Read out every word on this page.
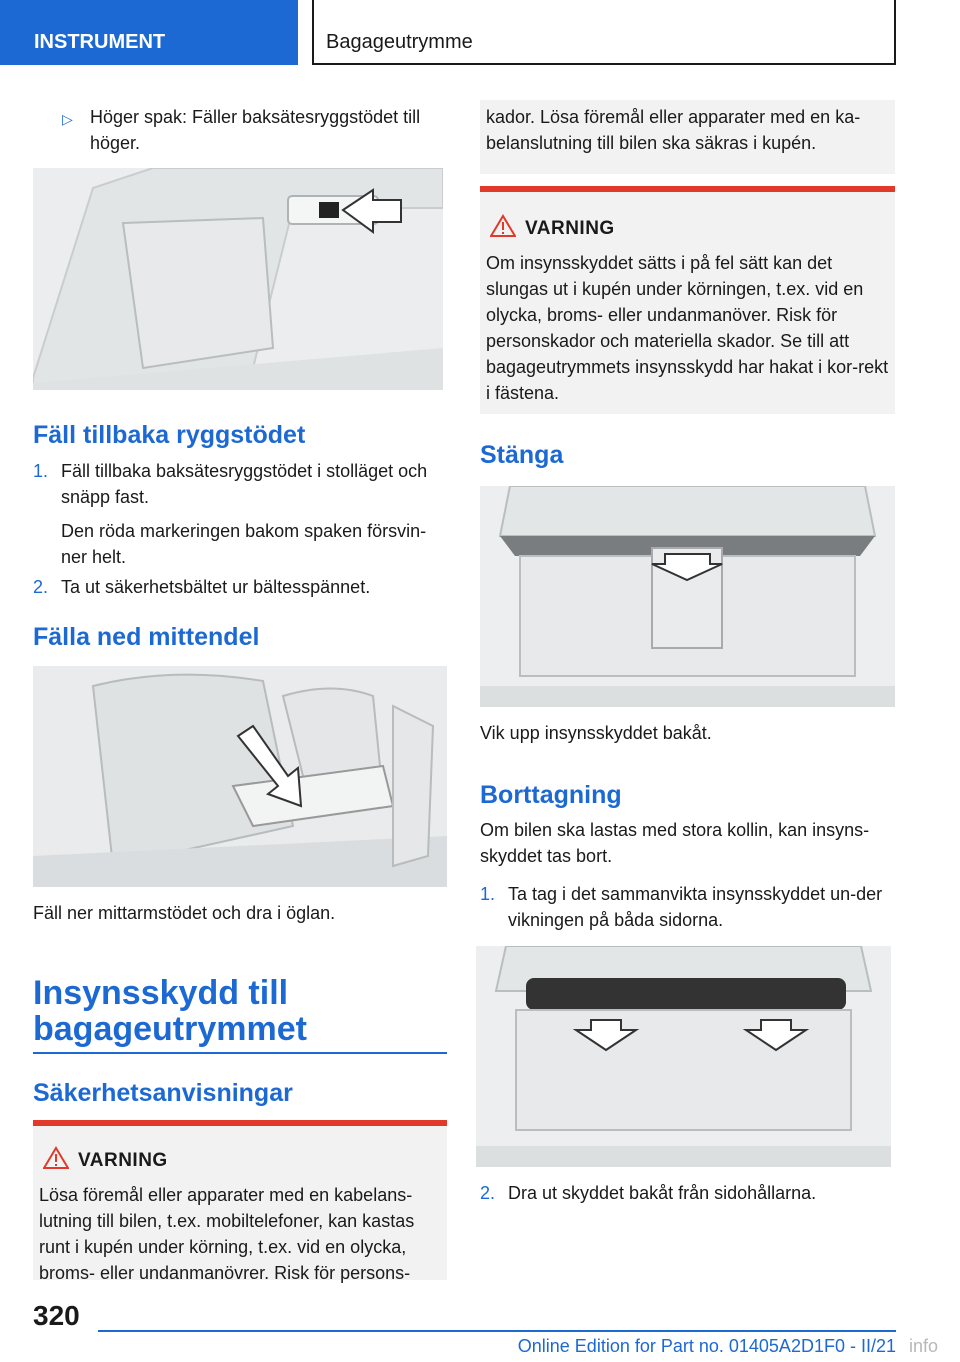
INSTRUMENT	Bagageutrymme
▷ Höger spak: Fäller baksätesryggstödet till höger.
Fäll tillbaka ryggstödet
1. Fäll tillbaka baksätesryggstödet i stolläget och snäpp fast.
Den röda markeringen bakom spaken försvin-ner helt.
2. Ta ut säkerhetsbältet ur bältesspännet.
Fälla ned mittendel
Fäll ner mittarmstödet och dra i öglan.
Insynsskydd till
bagageutrymmet
Säkerhetsanvisningar
VARNING
Lösa föremål eller apparater med en kabelans-lutning till bilen, t.ex. mobiltelefoner, kan kastas runt i kupén under körning, t.ex. vid en olycka, broms- eller undanmanövrer. Risk för persons-
kador. Lösa föremål eller apparater med en ka-belanslutning till bilen ska säkras i kupén.
VARNING
Om insynsskyddet sätts i på fel sätt kan det slungas ut i kupén under körningen, t.ex. vid en olycka, broms- eller undanmanöver. Risk för personskador och materiella skador. Se till att bagageutrymmets insynsskydd har hakat i kor-rekt i fästena.
Stänga
Vik upp insynsskyddet bakåt.
Borttagning
Om bilen ska lastas med stora kollin, kan insyns-skyddet tas bort.
1. Ta tag i det sammanvikta insynsskyddet un-der vikningen på båda sidorna.
2. Dra ut skyddet bakåt från sidohållarna.
320
Online Edition for Part no. 01405A2D1F0 - II/21 info
